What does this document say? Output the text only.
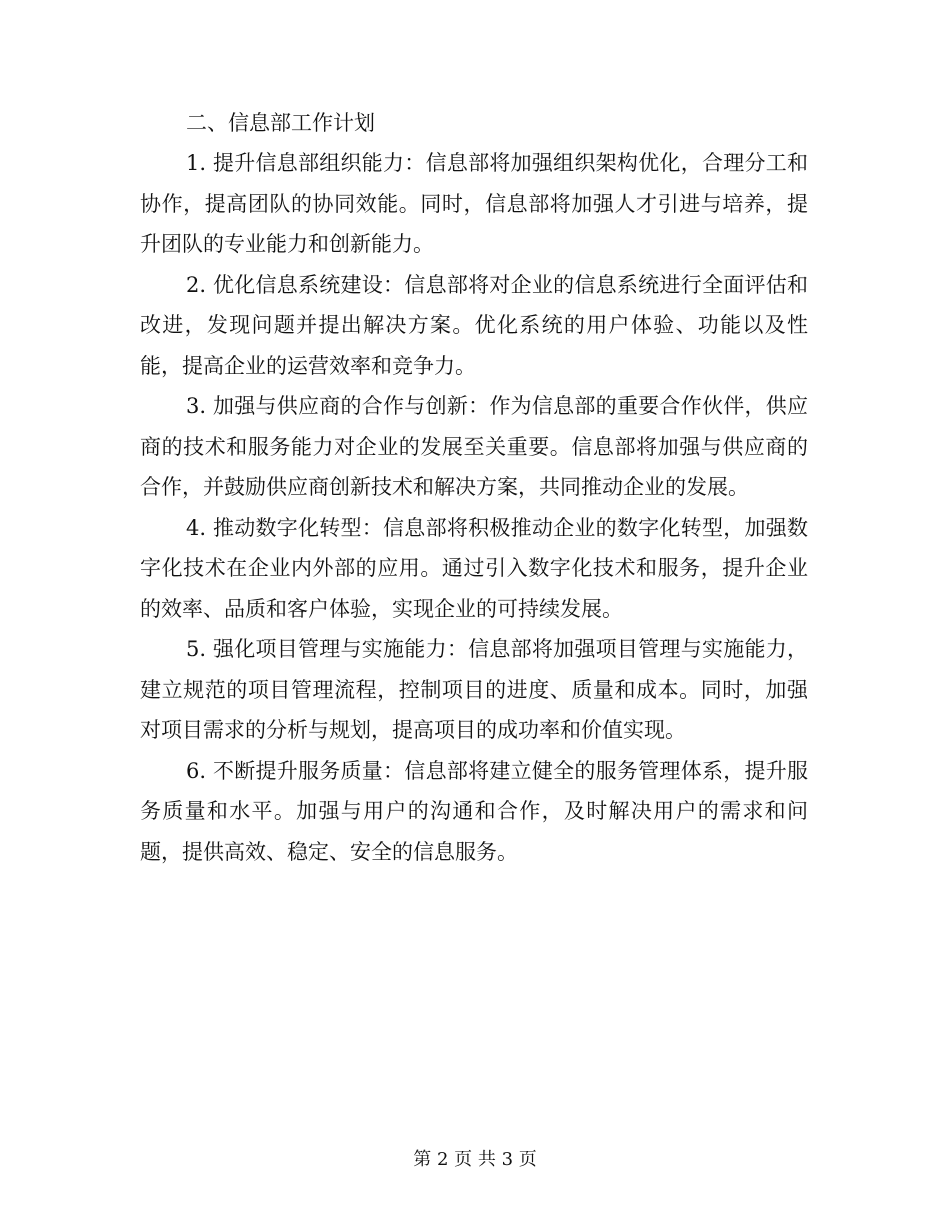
二、信息部工作计划

1. 提升信息部组织能力：信息部将加强组织架构优化，合理分工和协作，提高团队的协同效能。同时，信息部将加强人才引进与培养，提升团队的专业能力和创新能力。

2. 优化信息系统建设：信息部将对企业的信息系统进行全面评估和改进，发现问题并提出解决方案。优化系统的用户体验、功能以及性能，提高企业的运营效率和竞争力。

3. 加强与供应商的合作与创新：作为信息部的重要合作伙伴，供应商的技术和服务能力对企业的发展至关重要。信息部将加强与供应商的合作，并鼓励供应商创新技术和解决方案，共同推动企业的发展。

4. 推动数字化转型：信息部将积极推动企业的数字化转型，加强数字化技术在企业内外部的应用。通过引入数字化技术和服务，提升企业的效率、品质和客户体验，实现企业的可持续发展。

5. 强化项目管理与实施能力：信息部将加强项目管理与实施能力，建立规范的项目管理流程，控制项目的进度、质量和成本。同时，加强对项目需求的分析与规划，提高项目的成功率和价值实现。

6. 不断提升服务质量：信息部将建立健全的服务管理体系，提升服务质量和水平。加强与用户的沟通和合作，及时解决用户的需求和问题，提供高效、稳定、安全的信息服务。

第 2 页 共 3 页
